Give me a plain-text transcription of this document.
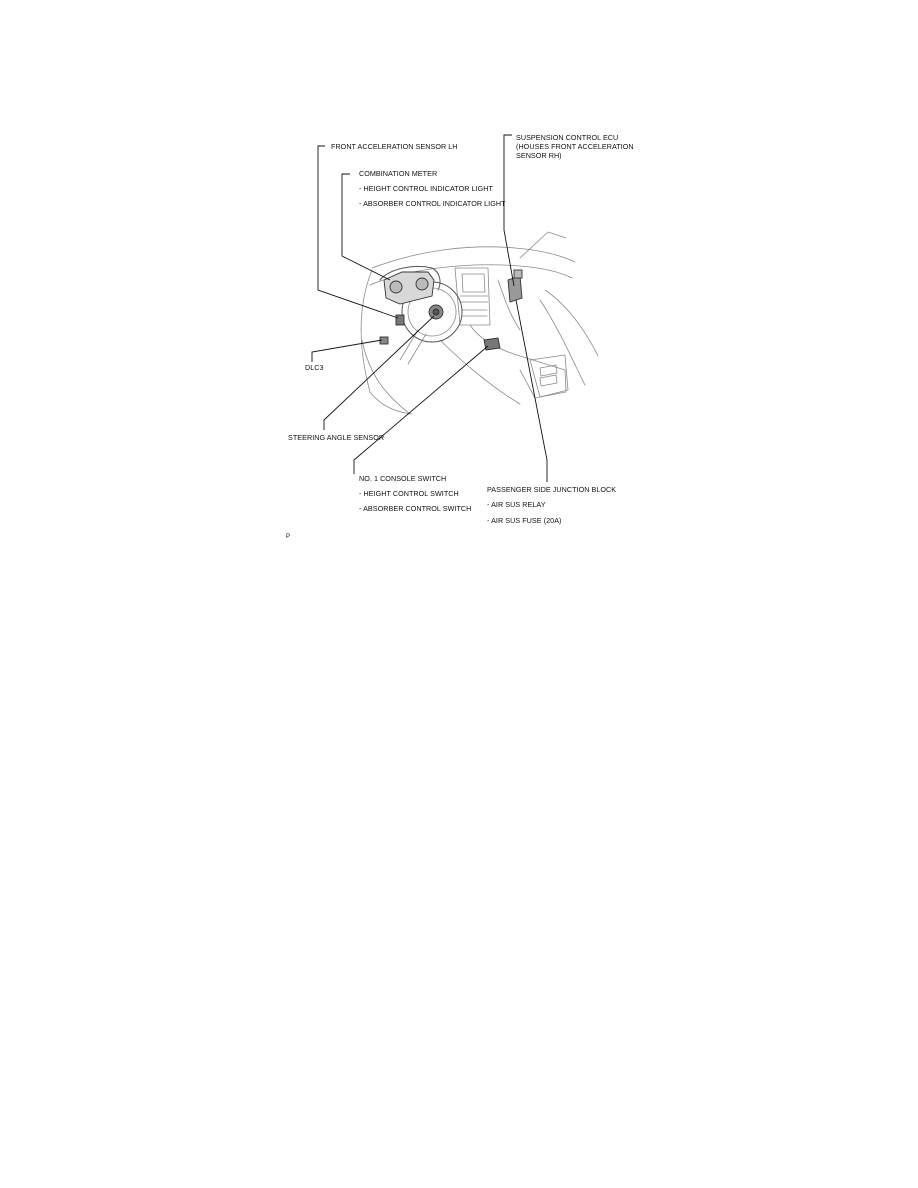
FRONT ACCELERATION SENSOR LH
COMBINATION METER
- HEIGHT CONTROL INDICATOR LIGHT
- ABSORBER CONTROL INDICATOR LIGHT
SUSPENSION CONTROL ECU
(HOUSES FRONT ACCELERATION
SENSOR RH)
DLC3
STEERING ANGLE SENSOR
NO. 1 CONSOLE SWITCH
- HEIGHT CONTROL SWITCH
- ABSORBER CONTROL SWITCH
PASSENGER SIDE JUNCTION BLOCK
- AIR SUS RELAY
- AIR SUS FUSE (20A)
P
